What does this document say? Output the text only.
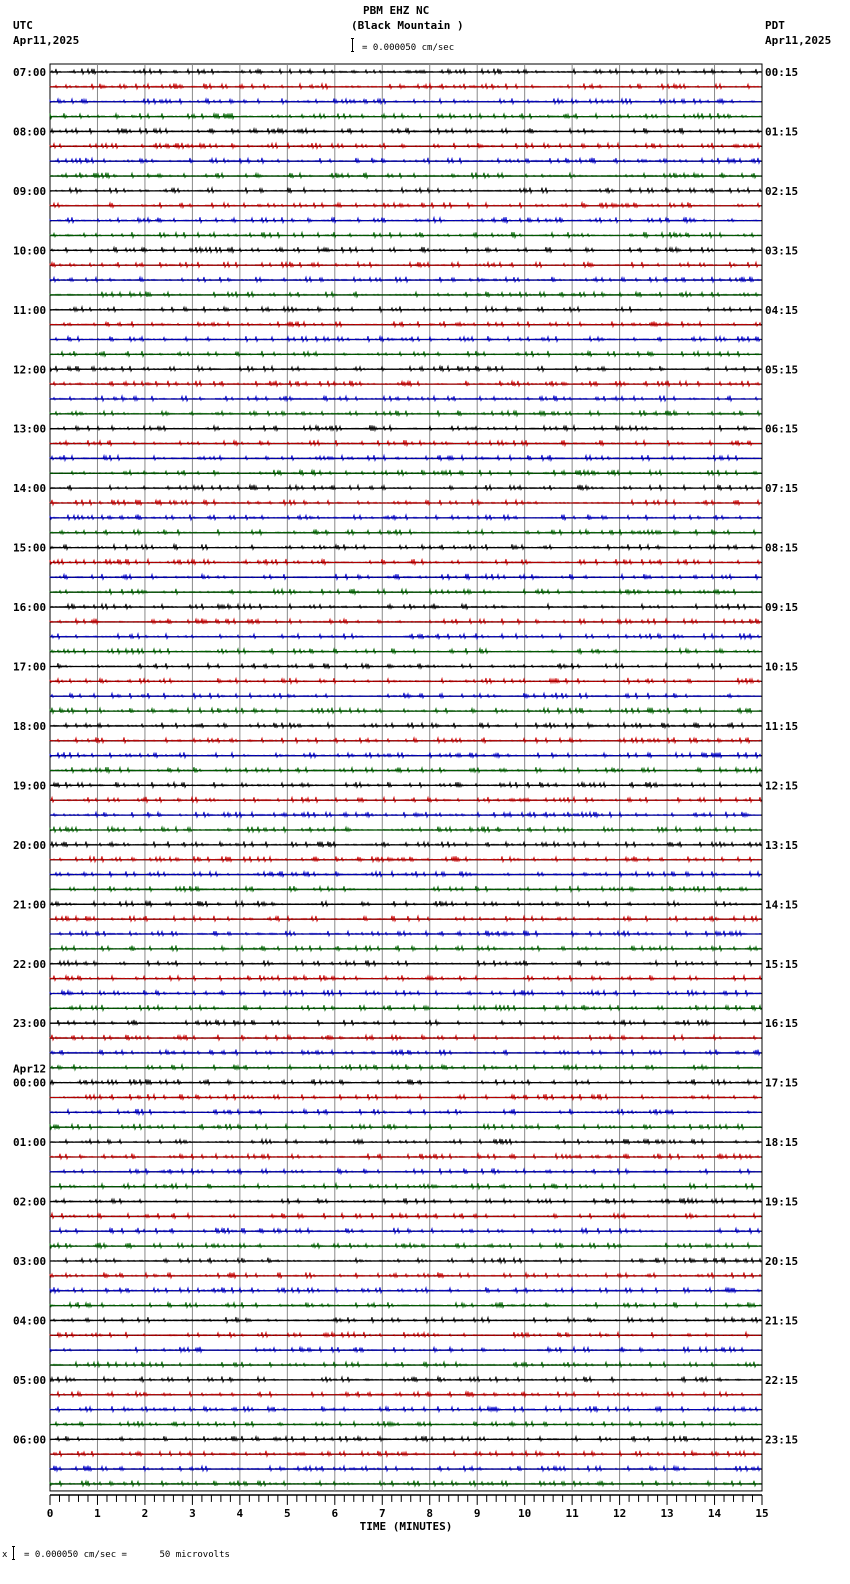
PBM EHZ NC
(Black Mountain )
UTC
Apr11,2025
PDT
Apr11,2025
= 0.000050 cm/sec
07:00	00:15
08:00	01:15
09:00	02:15
10:00	03:15
11:00	04:15
12:00	05:15
13:00	06:15
14:00	07:15
15:00	08:15
16:00	09:15
17:00	10:15
18:00	11:15
19:00	12:15
20:00	13:15
21:00	14:15
22:00	15:15
23:00	16:15
00:00	17:15
Apr12
01:00	18:15
02:00	19:15
03:00	20:15
04:00	21:15
05:00	22:15
06:00	23:15
0	1	2	3	4	5	6	7	8	9	10	11	12	13	14	15
TIME (MINUTES)
x = 0.000050 cm/sec =      50 microvolts
